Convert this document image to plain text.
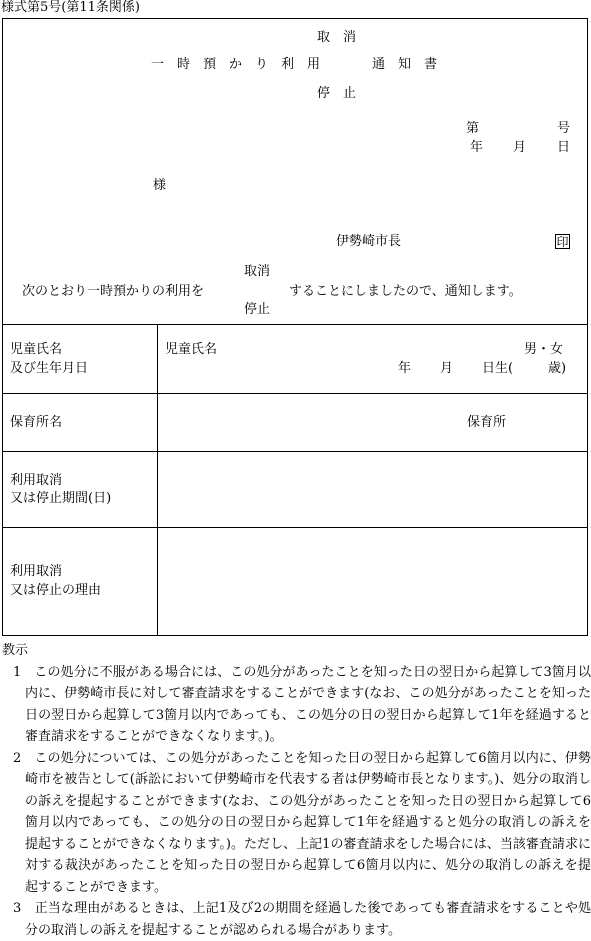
様式第5号(第11条関係)
取　消
一　時　預　か　り　利　用	通　知　書
停　止
第	号
年 月 日
様
伊勢崎市長	印
取消
次のとおり一時預かりの利用を	することにしましたので、通知します。
停止
児童氏名
及び生年月日
児童氏名	男・女
年 月 日生(	歳)
保育所名	保育所
利用取消
又は停止期間(日)
利用取消
又は停止の理由
教示

1　この処分に不服がある場合には、この処分があったことを知った日の翌日から起算して3箇月以内に、伊勢崎市長に対して審査請求をすることができます(なお、この処分があったことを知った日の翌日から起算して3箇月以内であっても、この処分の日の翌日から起算して1年を経過すると審査請求をすることができなくなります。)。

2　この処分については、この処分があったことを知った日の翌日から起算して6箇月以内に、伊勢崎市を被告として(訴訟において伊勢崎市を代表する者は伊勢崎市長となります。)、処分の取消しの訴えを提起することができます(なお、この処分があったことを知った日の翌日から起算して6箇月以内であっても、この処分の日の翌日から起算して1年を経過すると処分の取消しの訴えを提起することができなくなります。)。ただし、上記1の審査請求をした場合には、当該審査請求に対する裁決があったことを知った日の翌日から起算して6箇月以内に、処分の取消しの訴えを提起することができます。

3　正当な理由があるときは、上記1及び2の期間を経過した後であっても審査請求をすることや処分の取消しの訴えを提起することが認められる場合があります。
